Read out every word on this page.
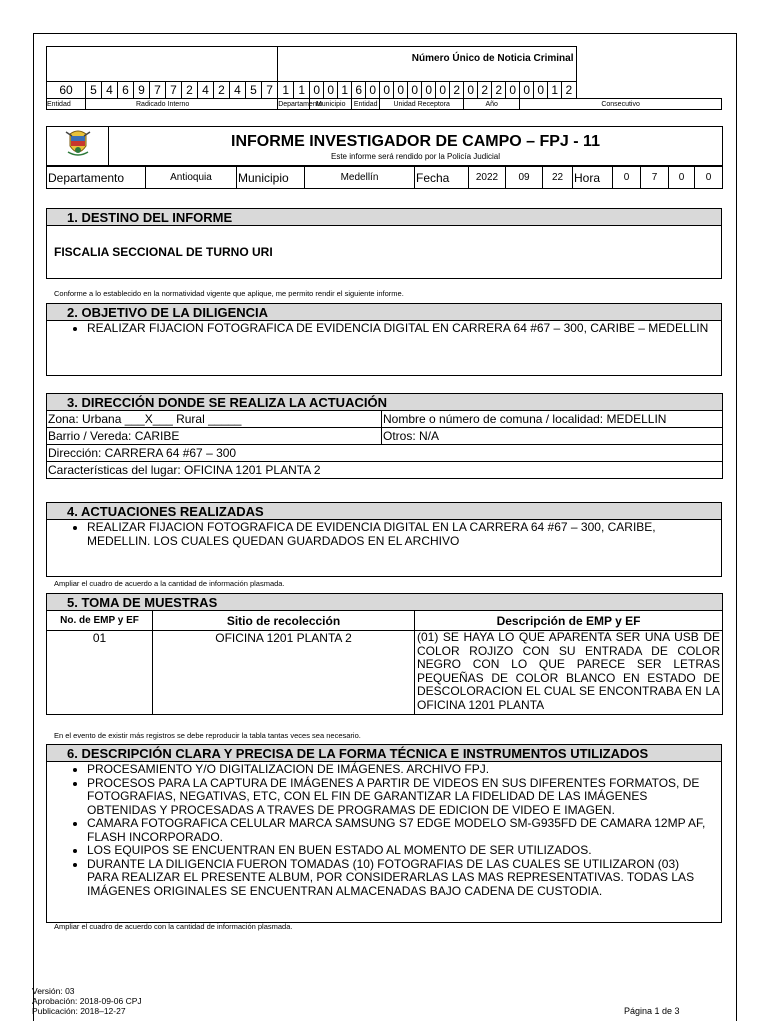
													Número Único de Noticia Criminal																				
60	5	4	6	9	7	7	2	4	2	4	5	7	1	1	0	0	1	6	0	0	0	0	0	0	2	0	2	2	0	0	0	1	2
Entidad	Radicado Interno												Departamento		Municipio			Entidad		Unidad Receptora						Año				Consecutivo			

INFORME INVESTIGADOR DE CAMPO – FPJ - 11
Este informe será rendido por la Policía Judicial
Departamento	Antioquia	Municipio	Medellín	Fecha	2022	09	22	Hora	0	7	0	0
1. DESTINO DEL INFORME
FISCALIA SECCIONAL DE TURNO URI
Conforme a lo establecido en la normatividad vigente que aplique, me permito rendir el siguiente informe.
2. OBJETIVO DE LA DILIGENCIA

• REALIZAR FIJACION FOTOGRAFICA DE EVIDENCIA DIGITAL EN CARRERA 64 #67 – 300, CARIBE – MEDELLIN
3. DIRECCIÓN DONDE SE REALIZA LA ACTUACIÓN	
Zona: Urbana ___X___ Rural _____	Nombre o número de comuna / localidad: MEDELLIN
Barrio / Vereda: CARIBE	Otros: N/A
Dirección: CARRERA 64 #67 – 300	
Características del lugar: OFICINA 1201 PLANTA 2	
4. ACTUACIONES REALIZADAS

• REALIZAR FIJACION FOTOGRAFICA DE EVIDENCIA DIGITAL EN LA CARRERA 64 #67 – 300, CARIBE, MEDELLIN. LOS CUALES QUEDAN GUARDADOS EN EL ARCHIVO
Ampliar el cuadro de acuerdo a la cantidad de información plasmada.
5. TOMA DE MUESTRAS		
No. de EMP y EF	Sitio de recolección	Descripción de EMP y EF
01	OFICINA 1201 PLANTA 2	(01) SE HAYA LO QUE APARENTA SER UNA USB DE COLOR ROJIZO CON SU ENTRADA DE COLOR NEGRO CON LO QUE PARECE SER LETRAS PEQUEÑAS DE COLOR BLANCO EN ESTADO DE DESCOLORACION EL CUAL SE ENCONTRABA EN LA OFICINA 1201 PLANTA
En el evento de existir más registros se debe reproducir la tabla tantas veces sea necesario.
6. DESCRIPCIÓN CLARA Y PRECISA DE LA FORMA TÉCNICA E INSTRUMENTOS UTILIZADOS

• PROCESAMIENTO Y/O DIGITALIZACION DE IMÁGENES. ARCHIVO FPJ.
• PROCESOS PARA LA CAPTURA DE IMÁGENES A PARTIR DE VIDEOS EN SUS DIFERENTES FORMATOS, DE FOTOGRAFIAS, NEGATIVAS, ETC, CON EL FIN DE GARANTIZAR LA FIDELIDAD DE LAS IMÁGENES OBTENIDAS Y PROCESADAS A TRAVES DE PROGRAMAS DE EDICION DE VIDEO E IMAGEN.
• CAMARA FOTOGRAFICA CELULAR MARCA SAMSUNG S7 EDGE MODELO SM-G935FD DE CAMARA 12MP AF, FLASH INCORPORADO.
• LOS EQUIPOS SE ENCUENTRAN EN BUEN ESTADO AL MOMENTO DE SER UTILIZADOS.
• DURANTE LA DILIGENCIA FUERON TOMADAS (10) FOTOGRAFIAS DE LAS CUALES SE UTILIZARON (03) PARA REALIZAR EL PRESENTE ALBUM, POR CONSIDERARLAS LAS MAS REPRESENTATIVAS. TODAS LAS IMÁGENES ORIGINALES SE ENCUENTRAN ALMACENADAS BAJO CADENA DE CUSTODIA.
Ampliar el cuadro de acuerdo con la cantidad de información plasmada.
Versión: 03
Aprobación: 2018-09-06 CPJ
Publicación: 2018–12-27	Página 1 de 3
